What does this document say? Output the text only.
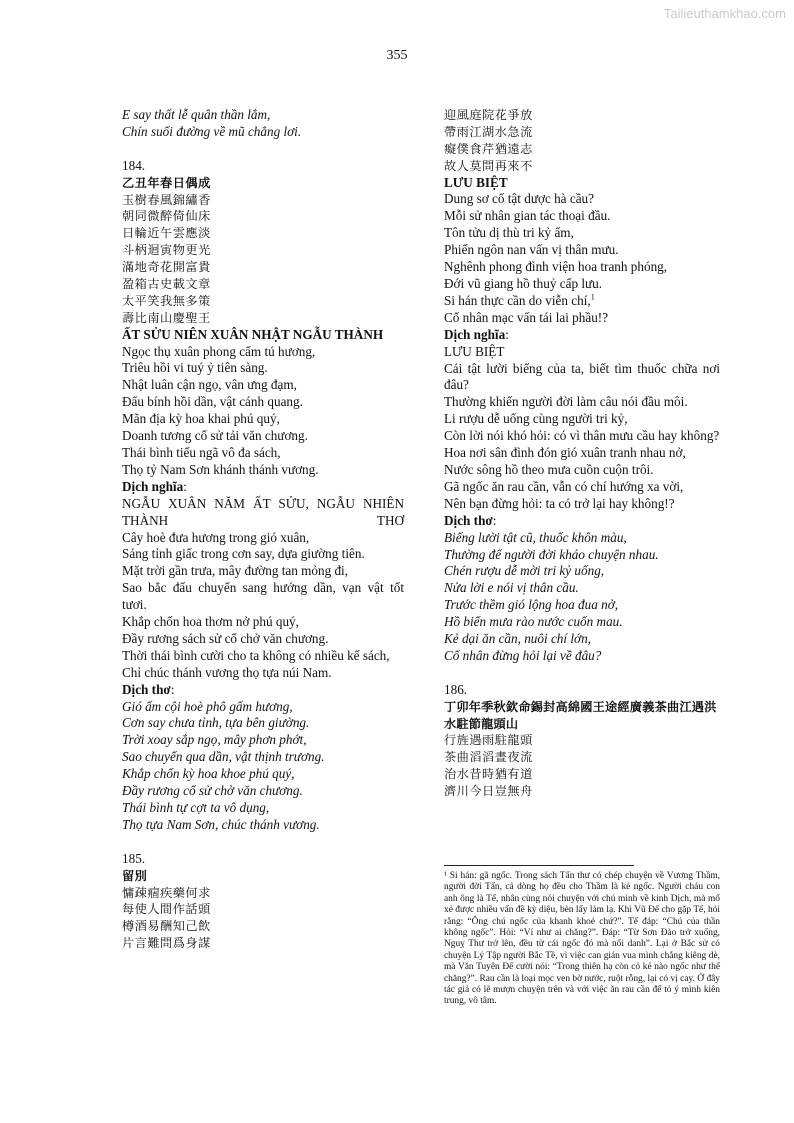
Tailieuthamkhao.com
355
E say thất lễ quân thần lắm,
Chín suối đường về mũ chẳng lơi.
184.
乙丑年春日偶成
玉樹春風錦繡香
朝同微醉倚仙床
日輪近午雲應淡
斗柄迴寅物更光
滿地奇花開富貴
盈箱古史載文章
太平笑我無多策
壽比南山慶聖王
ẤT SỬU NIÊN XUÂN NHẬT NGẪU THÀNH
Ngọc thụ xuân phong cẩm tú hương,
Triêu hồi vi tuý ỷ tiên sàng.
Nhật luân cận ngọ, vân ưng đạm,
Đẩu bính hồi dần, vật cánh quang.
Mãn địa kỳ hoa khai phú quý,
Doanh tương cổ sử tải văn chương.
Thái bình tiếu ngã vô đa sách,
Thọ tỷ Nam Sơn khánh thánh vương.
Dịch nghĩa:
NGẪU XUÂN NĂM ẤT SỬU, NGẪU NHIÊN THÀNH THƠ
Cây hoè đưa hương trong gió xuân,
Sáng tỉnh giấc trong cơn say, dựa giường tiên.
Mặt trời gần trưa, mây đường tan mỏng đi,
Sao bắc đẩu chuyển sang hướng dần, vạn vật tốt tươi.
Khắp chốn hoa thơm nở phú quý,
Đầy rương sách sử cổ chở văn chương.
Thời thái bình cười cho ta không có nhiều kế sách,
Chỉ chúc thánh vương thọ tựa núi Nam.
Dịch thơ:
Gió ấm cội hoè phô gấm hương,
Cơn say chưa tỉnh, tựa bên giường.
Trời xoay sắp ngọ, mây phơn phớt,
Sao chuyển qua dần, vật thịnh trương.
Khắp chốn kỳ hoa khoe phú quý,
Đầy rương cổ sử chở văn chương.
Thái bình tự cợt ta vô dụng,
Thọ tựa Nam Sơn, chúc thánh vương.
185.
留別
慵疎痼疾藥何求
每使人間作話頭
樽酒易酬知己飲
片言難問爲身謀
迎風庭院花爭放
帶雨江湖水急流
癡僕食芹猶遠志
故人莫問再來不
LƯU BIỆT
Dung sơ cố tật dược hà cầu?
Mỗi sử nhân gian tác thoại đầu.
Tôn tửu dị thù tri kỷ ẩm,
Phiến ngôn nan vấn vị thân mưu.
Nghênh phong đình viện hoa tranh phóng,
Đới vũ giang hồ thuỷ cấp lưu.
Si hán thực cần do viễn chí,$^1$
Cố nhân mạc vấn tái lai phầu!?
Dịch nghĩa:
LƯU BIỆT
Cái tật lười biếng của ta, biết tìm thuốc chữa nơi đâu?
Thường khiến người đời làm câu nói đầu môi.
Li rượu dễ uống cùng người tri kỷ,
Còn lời nói khó hỏi: có vì thân mưu cầu hay không?
Hoa nơi sân đình đón gió xuân tranh nhau nở,
Nước sông hồ theo mưa cuồn cuộn trôi.
Gã ngốc ăn rau cần, vẫn có chí hướng xa vời,
Nên bạn đừng hỏi: ta có trở lại hay không!?
Dịch thơ:
Biếng lười tật cũ, thuốc khôn màu,
Thường để người đời kháo chuyện nhau.
Chén rượu dễ mời tri kỷ uống,
Nửa lời e nói vị thân cầu.
Trước thềm gió lộng hoa đua nở,
Hồ biển mưa rào nước cuốn mau.
Kẻ dại ăn cần, nuôi chí lớn,
Cố nhân đừng hỏi lại về đâu?
186.
丁卯年季秋欽命錫封高綿國王途經廣義茶曲江遇洪水駐節龍頭山
行旌遇雨駐龍頭
茶曲滔滔晝夜流
治水昔時猶有道
濟川今日豈無舟
¹ Si hán: gã ngốc. Trong sách Tấn thư có chép chuyện về Vương Thầm, người đời Tấn, cả dòng họ đều cho Thầm là kẻ ngốc. Người cháu con anh ông là Tế, nhân cùng nói chuyện với chú mình về kinh Dịch, mà mổ xẻ được nhiều vấn đề kỳ diệu, bèn lấy làm lạ. Khi Vũ Đế cho gặp Tế, hỏi rằng: “Ông chú ngốc của khanh khoẻ chứ?”. Tế đáp: “Chú của thần không ngốc”. Hỏi: “Ví như ai chăng?”. Đáp: “Từ Sơn Đào trở xuống, Nguỵ Thư trở lên, đều từ cái ngốc đó mà nổi danh”. Lại ở Bắc sử có chuyện Lý Tập người Bắc Tề, vì việc can gián vua mình chẳng kiêng dè, mà Văn Tuyên Đế cười nói: “Trong thiên hạ còn có kẻ nào ngốc như thế chăng?”. Rau cần là loại mọc ven bờ nước, ruột rỗng, lại có vị cay. Ở đây tác giả có lẽ mượn chuyện trên và với việc ăn rau cần để tỏ ý mình kiên trung, vô tâm.
